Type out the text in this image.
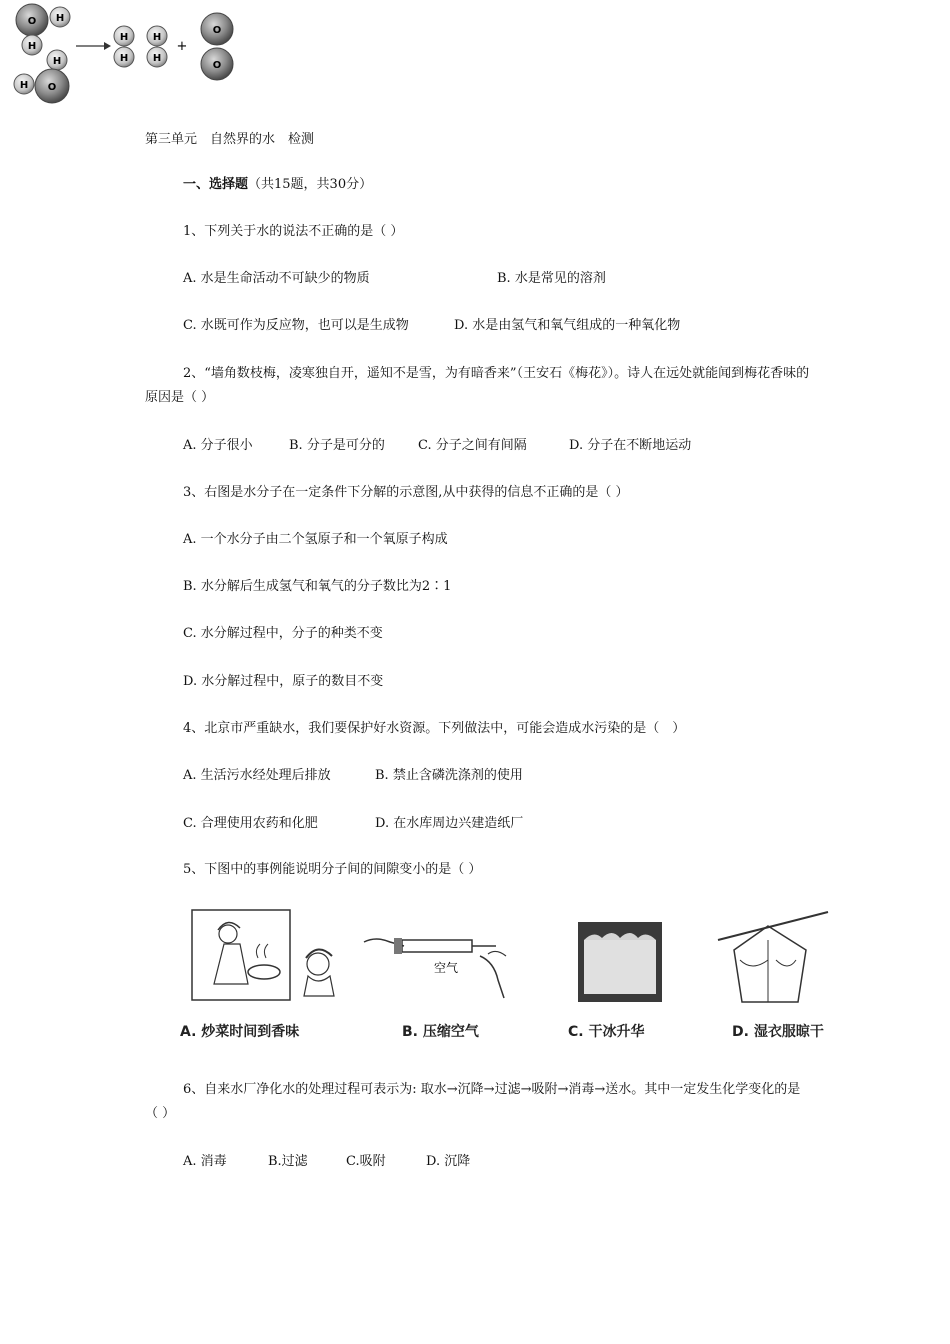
O H
H
H
H O
H
H
H
H
+
O
O
第三单元　自然界的水　检测
一、选择题（共15题，共30分）
1、下列关于水的说法不正确的是（ ）
A. 水是生命活动不可缺少的物质	B. 水是常见的溶剂
C. 水既可作为反应物，也可以是生成物	D. 水是由氢气和氧气组成的一种氧化物
2、“墙角数枝梅，凌寒独自开，遥知不是雪，为有暗香来”（王安石《梅花》）。诗人在远处就能闻到梅花香味的原因是（ ）
A. 分子很小	B. 分子是可分的	C. 分子之间有间隔	D. 分子在不断地运动
3、右图是水分子在一定条件下分解的示意图,从中获得的信息不正确的是（ ）
A. 一个水分子由二个氢原子和一个氧原子构成
B. 水分解后生成氢气和氧气的分子数比为2∶1
C. 水分解过程中，分子的种类不变
D. 水分解过程中，原子的数目不变
4、北京市严重缺水，我们要保护好水资源。下列做法中，可能会造成水污染的是（　）
A. 生活污水经处理后排放	B. 禁止含磷洗涤剂的使用
C. 合理使用农药和化肥	D. 在水库周边兴建造纸厂
5、下图中的事例能说明分子间的间隙变小的是（ ）
空气
A. 炒菜时间到香味	B. 压缩空气	C. 干冰升华	D. 湿衣服晾干
6、自来水厂净化水的处理过程可表示为: 取水→沉降→过滤→吸附→消毒→送水。其中一定发生化学变化的是（ ）
A. 消毒	B.过滤	C.吸附	D. 沉降
